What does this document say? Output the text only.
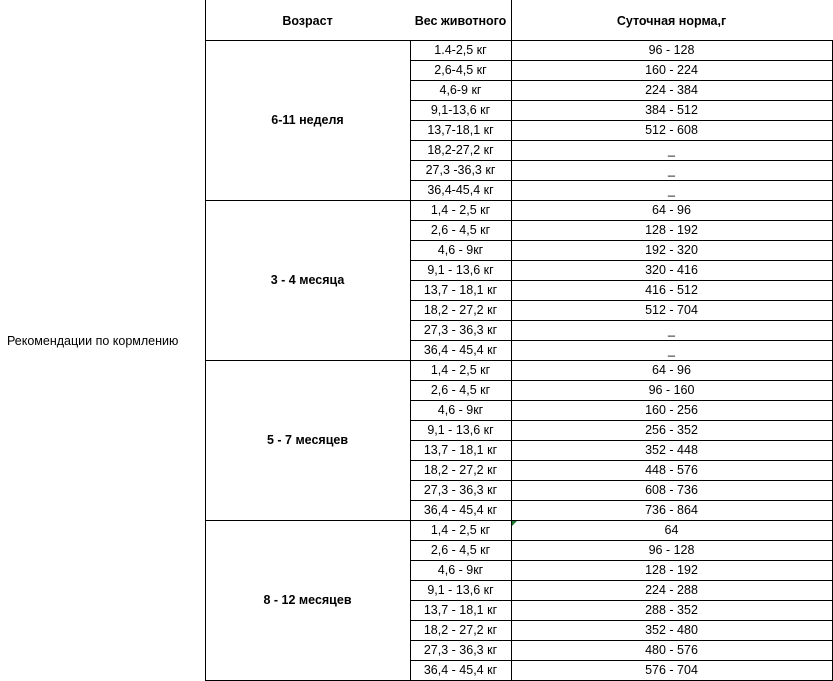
Рекомендации по кормлению
Возраст	Вес животного	Суточная норма,г
6-11 неделя
1.4-2,5 кг	96 - 128
2,6-4,5 кг	160 - 224
4,6-9 кг	224 - 384
9,1-13,6 кг	384 - 512
13,7-18,1 кг	512 - 608
18,2-27,2 кг	_
27,3 -36,3 кг	_
36,4-45,4 кг	_
3 - 4 месяца
1,4 - 2,5 кг	64 - 96
2,6 - 4,5 кг	128 - 192
4,6 - 9кг	192 - 320
9,1 - 13,6 кг	320 - 416
13,7 - 18,1 кг	416 - 512
18,2 - 27,2 кг	512 - 704
27,3 - 36,3 кг	_
36,4 - 45,4 кг	_
5 - 7 месяцев
1,4 - 2,5 кг	64 - 96
2,6 - 4,5 кг	96 - 160
4,6 - 9кг	160 - 256
9,1 - 13,6 кг	256 - 352
13,7 - 18,1 кг	352 - 448
18,2 - 27,2 кг	448 - 576
27,3 - 36,3 кг	608 - 736
36,4 - 45,4 кг	736 - 864
8 - 12 месяцев
1,4 - 2,5 кг	64
2,6 - 4,5 кг	96 - 128
4,6 - 9кг	128 - 192
9,1 - 13,6 кг	224 - 288
13,7 - 18,1 кг	288 - 352
18,2 - 27,2 кг	352 - 480
27,3 - 36,3 кг	480 - 576
36,4 - 45,4 кг	576 - 704
